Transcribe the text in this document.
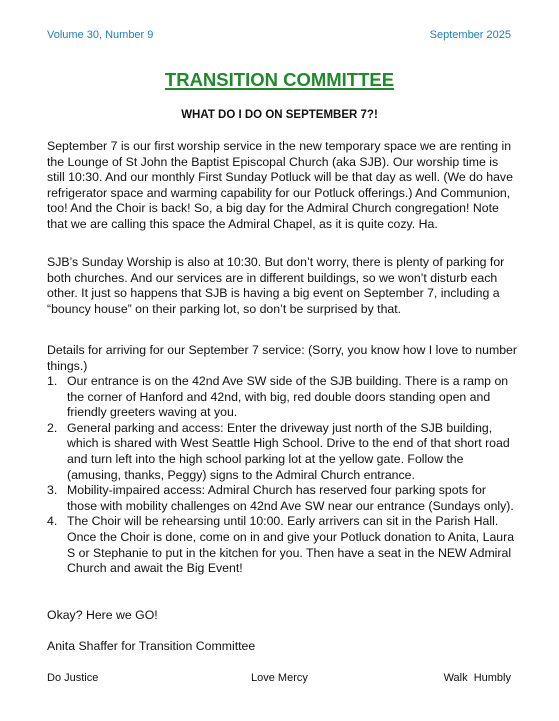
Volume 30, Number 9	September 2025
TRANSITION COMMITTEE
WHAT DO I DO ON SEPTEMBER 7?!

September 7 is our first worship service in the new temporary space we are renting in the Lounge of St John the Baptist Episcopal Church (aka SJB). Our worship time is still 10:30. And our monthly First Sunday Potluck will be that day as well. (We do have refrigerator space and warming capability for our Potluck offerings.) And Communion, too! And the Choir is back! So, a big day for the Admiral Church congregation! Note that we are calling this space the Admiral Chapel, as it is quite cozy. Ha.

SJB’s Sunday Worship is also at 10:30. But don’t worry, there is plenty of parking for both churches. And our services are in different buildings, so we won’t disturb each other. It just so happens that SJB is having a big event on September 7, including a “bouncy house” on their parking lot, so don’t be surprised by that.

Details for arriving for our September 7 service: (Sorry, you know how I love to number things.)

1. Our entrance is on the 42nd Ave SW side of the SJB building. There is a ramp on the corner of Hanford and 42nd, with big, red double doors standing open and friendly greeters waving at you.
2. General parking and access: Enter the driveway just north of the SJB building, which is shared with West Seattle High School. Drive to the end of that short road and turn left into the high school parking lot at the yellow gate. Follow the (amusing, thanks, Peggy) signs to the Admiral Church entrance.
3. Mobility-impaired access: Admiral Church has reserved four parking spots for those with mobility challenges on 42nd Ave SW near our entrance (Sundays only).
4. The Choir will be rehearsing until 10:00. Early arrivers can sit in the Parish Hall. Once the Choir is done, come on in and give your Potluck donation to Anita, Laura S or Stephanie to put in the kitchen for you. Then have a seat in the NEW Admiral Church and await the Big Event!

Okay? Here we GO!

Anita Shaffer for Transition Committee

Do Justice	Love Mercy	Walk  Humbly
